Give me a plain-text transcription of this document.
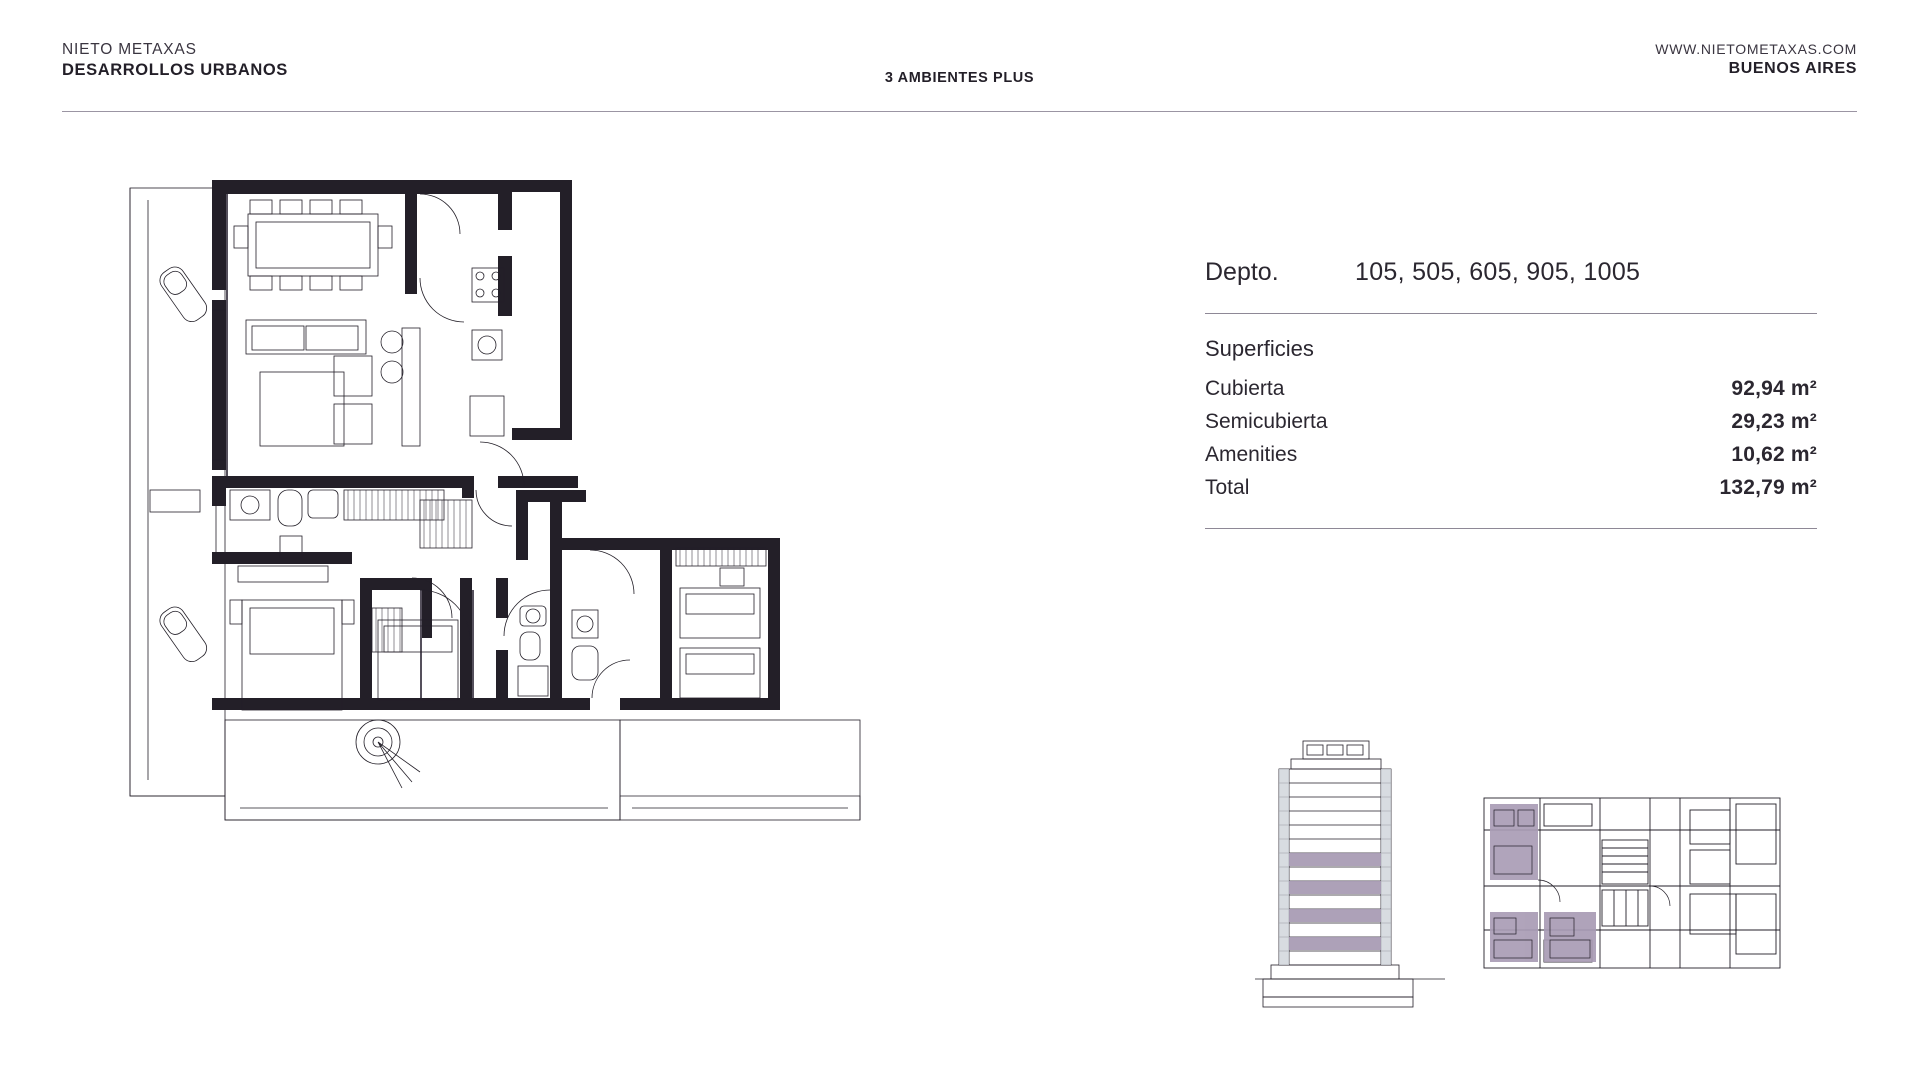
NIETO METAXAS
DESARROLLOS URBANOS	3 AMBIENTES PLUS
WWW.NIETOMETAXAS.COM
BUENOS AIRES
Depto.	105, 505, 605, 905, 1005
Superficies
Cubierta	92,94 m²
Semicubierta	29,23 m²
Amenities	10,62 m²
Total	132,79 m²
